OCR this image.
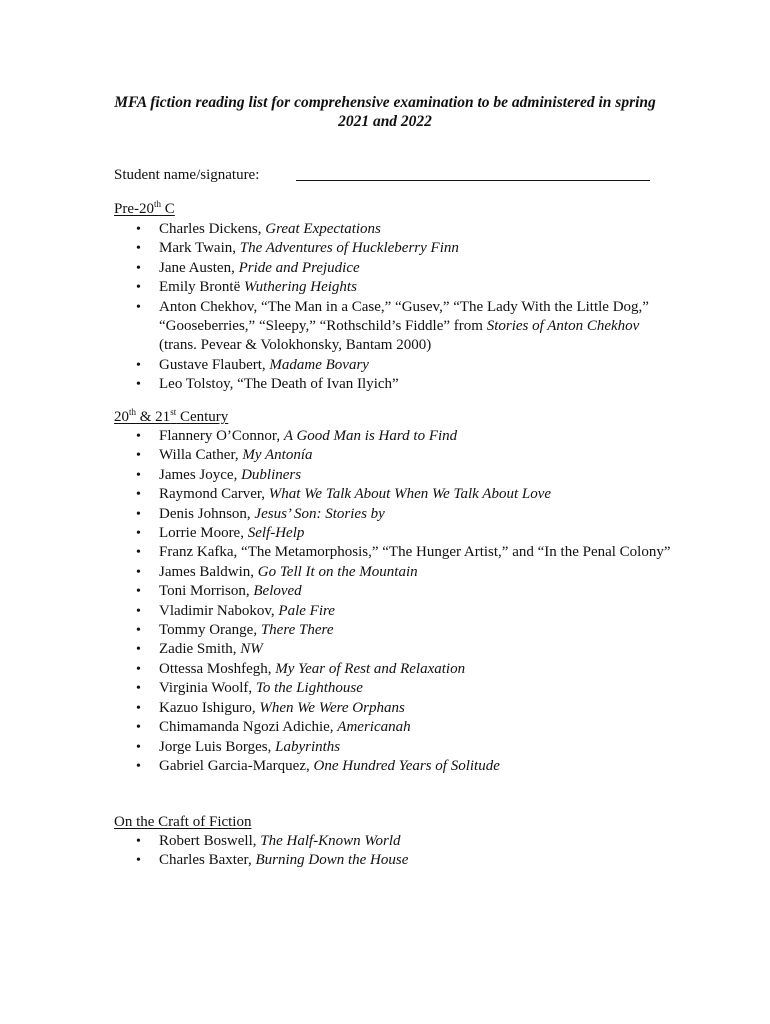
MFA fiction reading list for comprehensive examination to be administered in spring 2021 and 2022
Student name/signature:
Pre-20th C
• Charles Dickens, Great Expectations
• Mark Twain, The Adventures of Huckleberry Finn
• Jane Austen, Pride and Prejudice
• Emily Brontë Wuthering Heights
• Anton Chekhov, “The Man in a Case,” “Gusev,” “The Lady With the Little Dog,” “Gooseberries,” “Sleepy,” “Rothschild’s Fiddle” from Stories of Anton Chekhov (trans. Pevear & Volokhonsky, Bantam 2000)
• Gustave Flaubert, Madame Bovary
• Leo Tolstoy, “The Death of Ivan Ilyich”
20th & 21st Century
• Flannery O’Connor, A Good Man is Hard to Find
• Willa Cather, My Antonía
• James Joyce, Dubliners
• Raymond Carver, What We Talk About When We Talk About Love
• Denis Johnson, Jesus’ Son: Stories by
• Lorrie Moore, Self-Help
• Franz Kafka, “The Metamorphosis,” “The Hunger Artist,” and “In the Penal Colony”
• James Baldwin, Go Tell It on the Mountain
• Toni Morrison, Beloved
• Vladimir Nabokov, Pale Fire
• Tommy Orange, There There
• Zadie Smith, NW
• Ottessa Moshfegh, My Year of Rest and Relaxation
• Virginia Woolf, To the Lighthouse
• Kazuo Ishiguro, When We Were Orphans
• Chimamanda Ngozi Adichie, Americanah
• Jorge Luis Borges, Labyrinths
• Gabriel Garcia-Marquez, One Hundred Years of Solitude
On the Craft of Fiction
• Robert Boswell, The Half-Known World
• Charles Baxter, Burning Down the House
